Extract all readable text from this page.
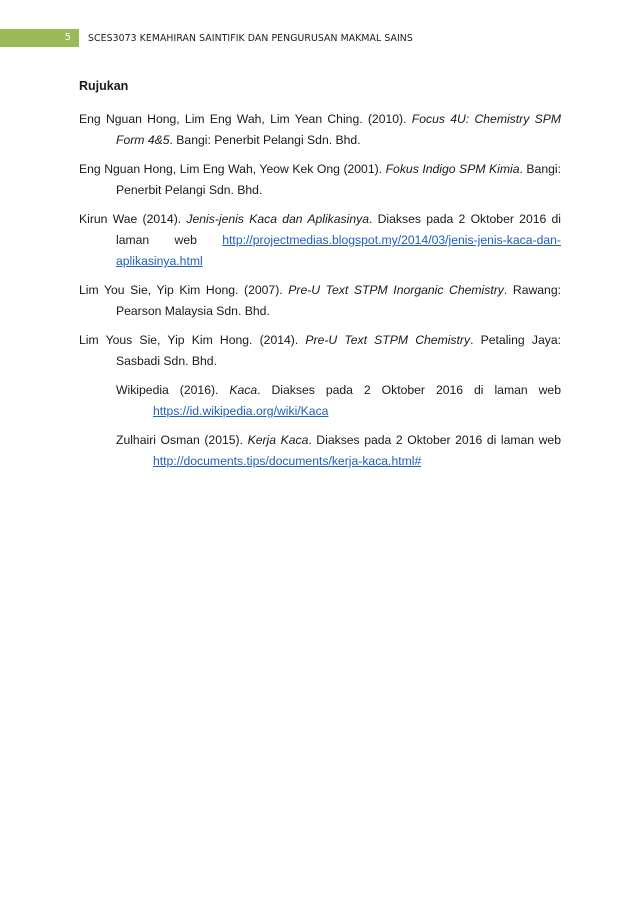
5 SCES3073 KEMAHIRAN SAINTIFIK DAN PENGURUSAN MAKMAL SAINS
Rujukan

Eng Nguan Hong, Lim Eng Wah, Lim Yean Ching. (2010). Focus 4U: Chemistry SPM Form 4&5. Bangi: Penerbit Pelangi Sdn. Bhd.

Eng Nguan Hong, Lim Eng Wah, Yeow Kek Ong (2001). Fokus Indigo SPM Kimia. Bangi: Penerbit Pelangi Sdn. Bhd.

Kirun Wae (2014). Jenis-jenis Kaca dan Aplikasinya. Diakses pada 2 Oktober 2016 di laman web http://projectmedias.blogspot.my/2014/03/jenis-jenis-kaca-dan-aplikasinya.html

Lim You Sie, Yip Kim Hong. (2007). Pre-U Text STPM Inorganic Chemistry. Rawang: Pearson Malaysia Sdn. Bhd.

Lim Yous Sie, Yip Kim Hong. (2014). Pre-U Text STPM Chemistry. Petaling Jaya: Sasbadi Sdn. Bhd.

Wikipedia (2016). Kaca. Diakses pada 2 Oktober 2016 di laman web
https://id.wikipedia.org/wiki/Kaca

Zulhairi Osman (2015). Kerja Kaca. Diakses pada 2 Oktober 2016 di laman web
http://documents.tips/documents/kerja-kaca.html#
